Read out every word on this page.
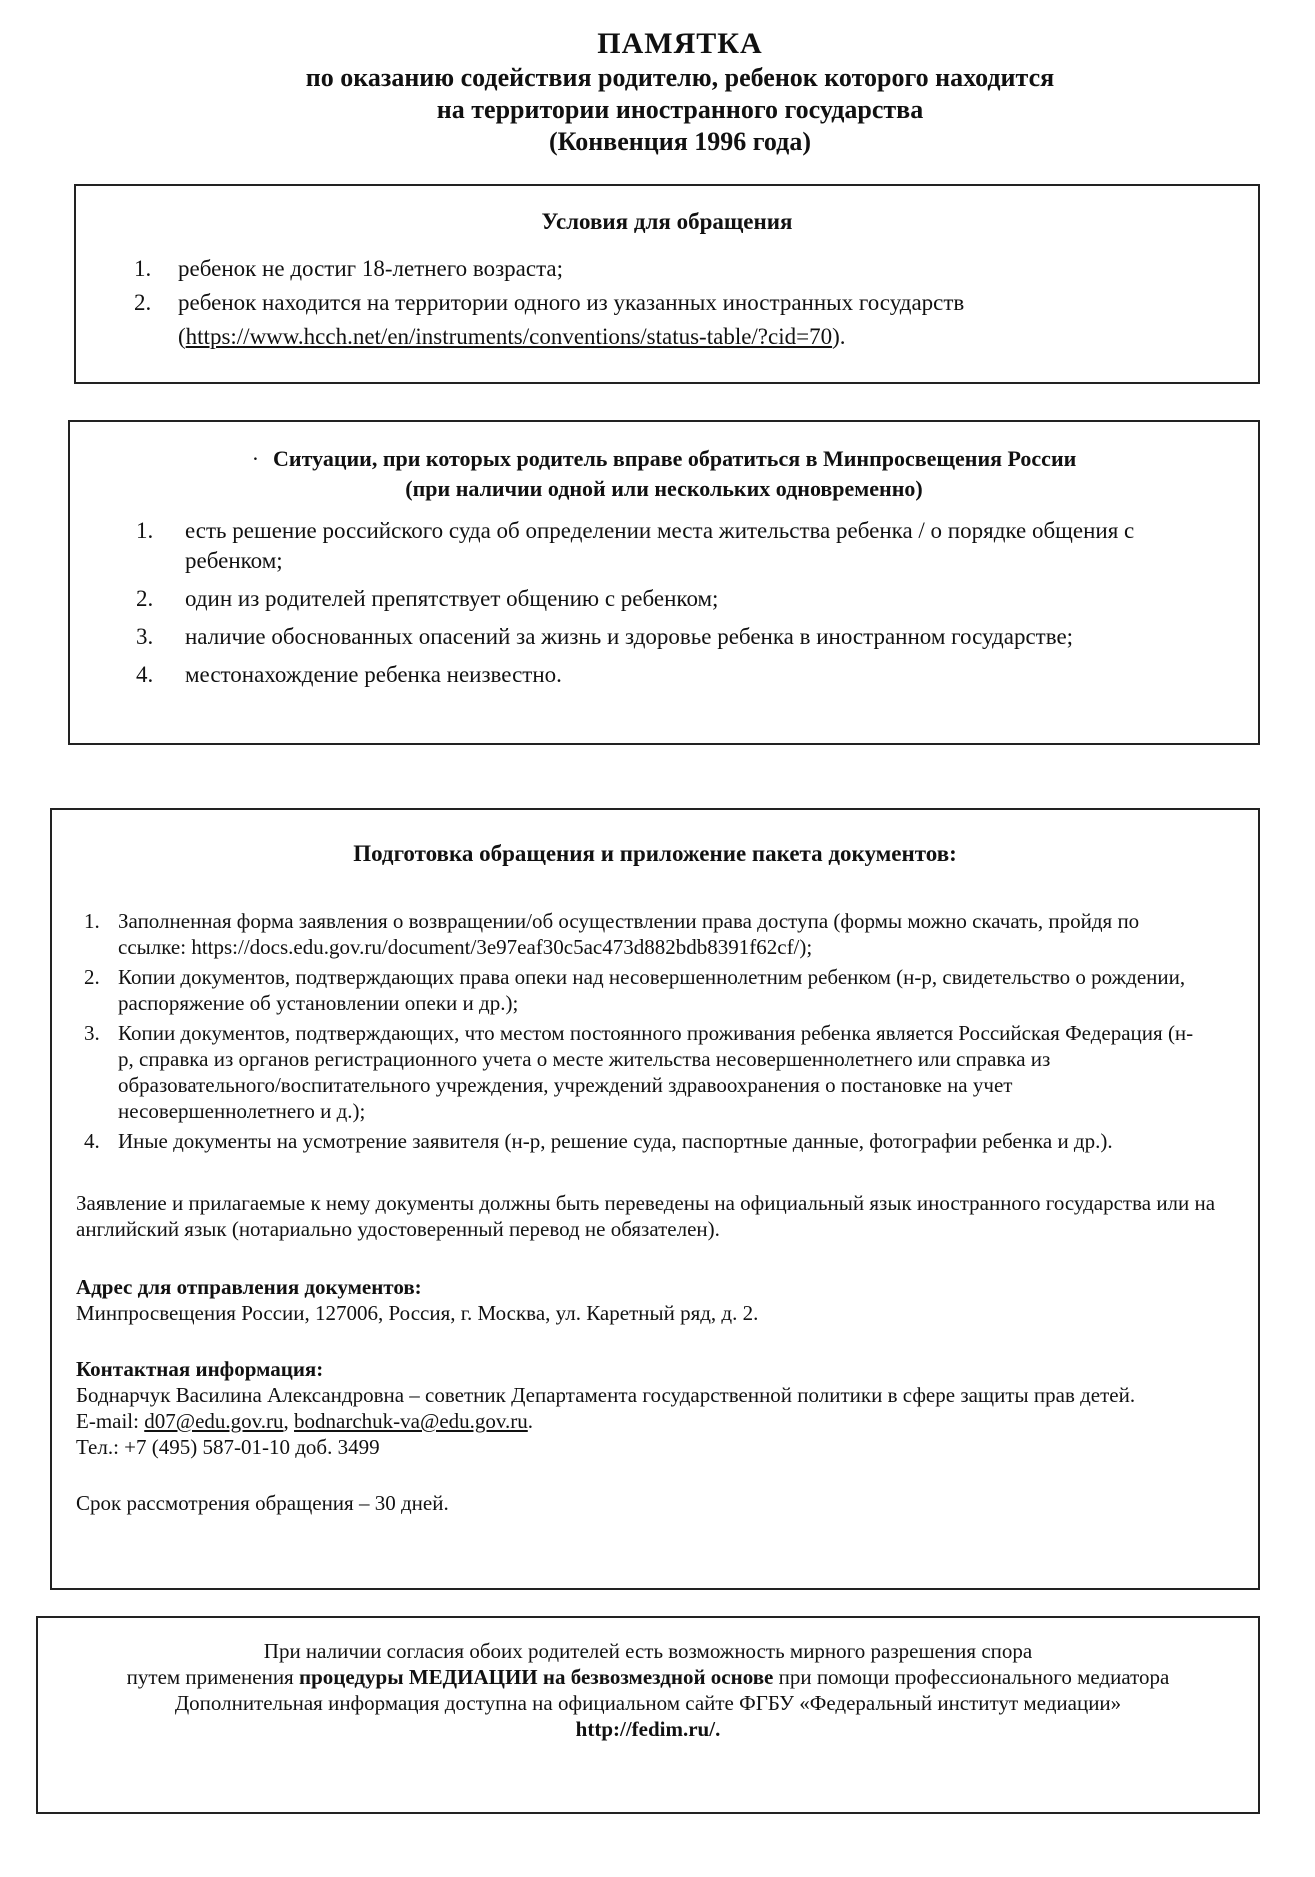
ПАМЯТКА
по оказанию содействия родителю, ребенок которого находится
на территории иностранного государства
(Конвенция 1996 года)
Условия для обращения
1. ребенок не достиг 18-летнего возраста;
2. ребенок находится на территории одного из указанных иностранных государств
(https://www.hcch.net/en/instruments/conventions/status-table/?cid=70).
· Ситуации, при которых родитель вправе обратиться в Минпросвещения России
(при наличии одной или нескольких одновременно)
1. есть решение российского суда об определении места жительства ребенка / о порядке общения с ребенком;
2. один из родителей препятствует общению с ребенком;
3. наличие обоснованных опасений за жизнь и здоровье ребенка в иностранном государстве;
4. местонахождение ребенка неизвестно.
Подготовка обращения и приложение пакета документов:
1. Заполненная форма заявления о возвращении/об осуществлении права доступа (формы можно скачать, пройдя по ссылке: https://docs.edu.gov.ru/document/3e97eaf30c5ac473d882bdb8391f62cf/);
2. Копии документов, подтверждающих права опеки над несовершеннолетним ребенком (н-р, свидетельство о рождении, распоряжение об установлении опеки и др.);
3. Копии документов, подтверждающих, что местом постоянного проживания ребенка является Российская Федерация (н-р, справка из органов регистрационного учета о месте жительства несовершеннолетнего или справка из образовательного/воспитательного учреждения, учреждений здравоохранения о постановке на учет несовершеннолетнего и д.);
4. Иные документы на усмотрение заявителя (н-р, решение суда, паспортные данные, фотографии ребенка и др.).
Заявление и прилагаемые к нему документы должны быть переведены на официальный язык иностранного государства или на английский язык (нотариально удостоверенный перевод не обязателен).
Адрес для отправления документов:
Минпросвещения России, 127006, Россия, г. Москва, ул. Каретный ряд, д. 2.
Контактная информация:
Боднарчук Василина Александровна – советник Департамента государственной политики в сфере защиты прав детей.
E-mail: d07@edu.gov.ru, bodnarchuk-va@edu.gov.ru.
Тел.: +7 (495) 587-01-10 доб. 3499
Срок рассмотрения обращения – 30 дней.
При наличии согласия обоих родителей есть возможность мирного разрешения спора
путем применения процедуры МЕДИАЦИИ на безвозмездной основе при помощи профессионального медиатора
Дополнительная информация доступна на официальном сайте ФГБУ «Федеральный институт медиации»
http://fedim.ru/.
